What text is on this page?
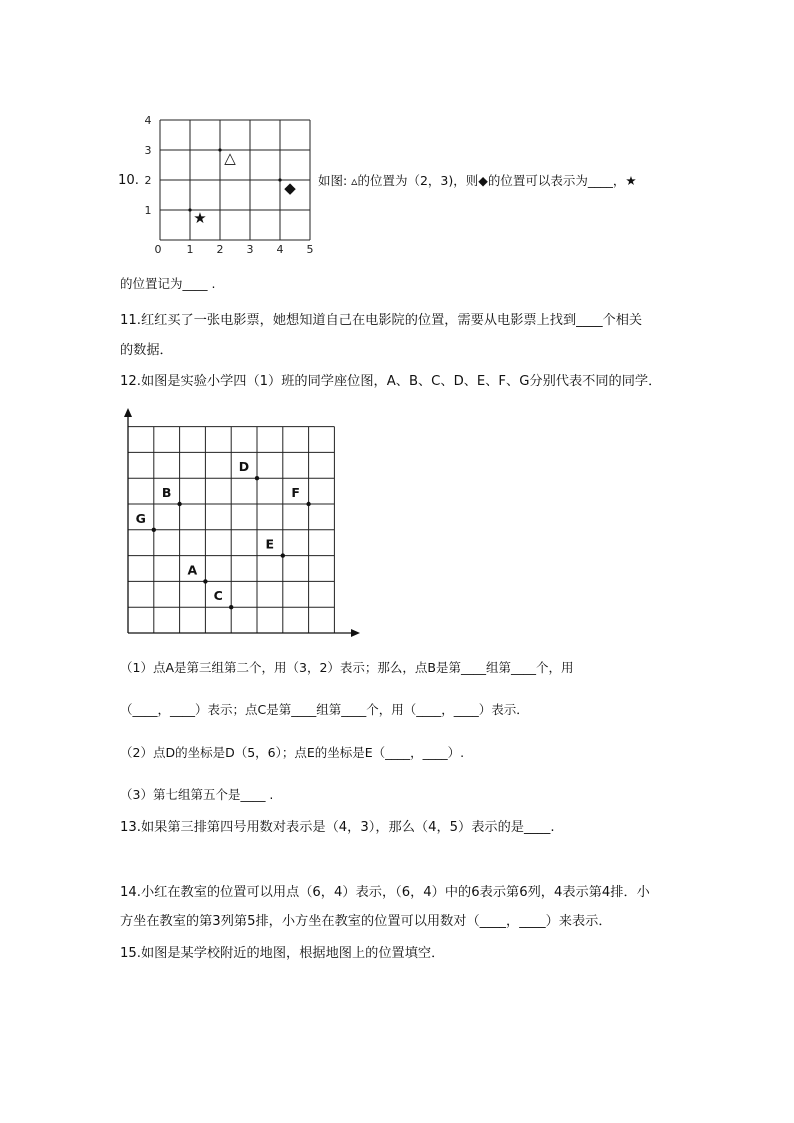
0 1 2 3 4 5
1
2
3
4
△
◆
★
10.	如图: ▵的位置为（2，3)，则◆的位置可以表示为____，★
的位置记为____ .
11.红红买了一张电影票，她想知道自己在电影院的位置，需要从电影票上找到____个相关
的数据．
12.如图是实验小学四（1）班的同学座位图，A、B、C、D、E、F、G分别代表不同的同学．
A
B
C
D
E
F
G
（1）点A是第三组第二个，用（3，2）表示；那么，点B是第____组第____个，用
（____，____）表示；点C是第____组第____个，用（____，____）表示．
（2）点D的坐标是D（5，6）；点E的坐标是E（____，____）.
（3）第七组第五个是____ .
13.如果第三排第四号用数对表示是（4，3），那么（4，5）表示的是____.
14.小红在教室的位置可以用点（6，4）表示，（6，4）中的6表示第6列，4表示第4排．小
方坐在教室的第3列第5排，小方坐在教室的位置可以用数对（____，____）来表示．
15.如图是某学校附近的地图，根据地图上的位置填空．
